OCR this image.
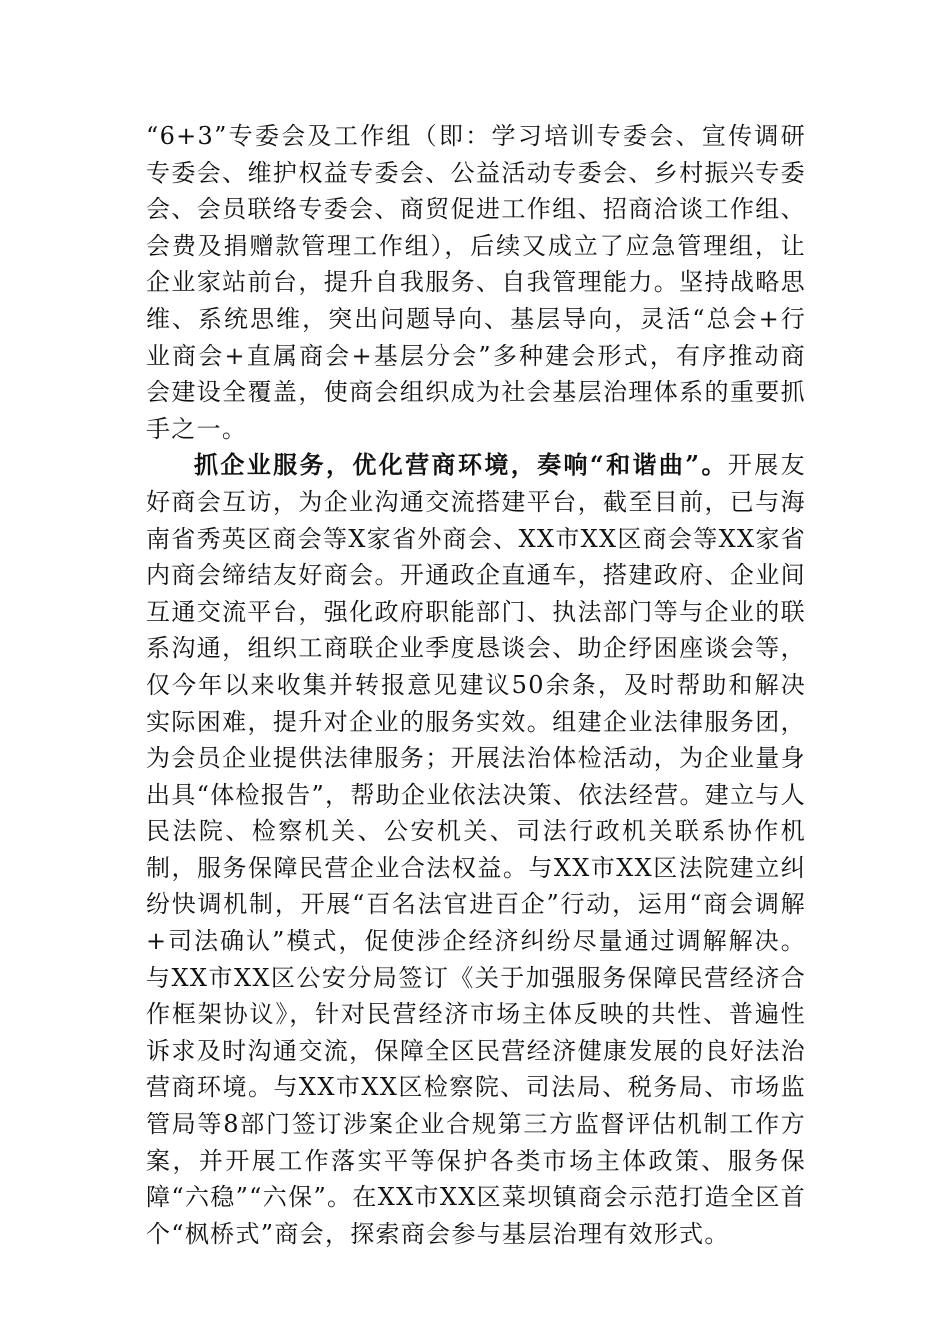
“6+3”专委会及工作组（即：学习培训专委会、宣传调研专委会、维护权益专委会、公益活动专委会、乡村振兴专委会、会员联络专委会、商贸促进工作组、招商洽谈工作组、会费及捐赠款管理工作组），后续又成立了应急管理组，让企业家站前台，提升自我服务、自我管理能力。坚持战略思维、系统思维，突出问题导向、基层导向，灵活“总会+行业商会+直属商会+基层分会”多种建会形式，有序推动商会建设全覆盖，使商会组织成为社会基层治理体系的重要抓手之一。

抓企业服务，优化营商环境，奏响“和谐曲”。开展友好商会互访，为企业沟通交流搭建平台，截至目前，已与海南省秀英区商会等X家省外商会、XX市XX区商会等XX家省内商会缔结友好商会。开通政企直通车，搭建政府、企业间互通交流平台，强化政府职能部门、执法部门等与企业的联系沟通，组织工商联企业季度恳谈会、助企纾困座谈会等，仅今年以来收集并转报意见建议50余条，及时帮助和解决实际困难，提升对企业的服务实效。组建企业法律服务团，为会员企业提供法律服务；开展法治体检活动，为企业量身出具“体检报告”，帮助企业依法决策、依法经营。建立与人民法院、检察机关、公安机关、司法行政机关联系协作机制，服务保障民营企业合法权益。与XX市XX区法院建立纠纷快调机制，开展“百名法官进百企”行动，运用“商会调解+司法确认”模式，促使涉企经济纠纷尽量通过调解解决。与XX市XX区公安分局签订《关于加强服务保障民营经济合作框架协议》，针对民营经济市场主体反映的共性、普遍性诉求及时沟通交流，保障全区民营经济健康发展的良好法治营商环境。与XX市XX区检察院、司法局、税务局、市场监管局等8部门签订涉案企业合规第三方监督评估机制工作方案，并开展工作落实平等保护各类市场主体政策、服务保障“六稳”“六保”。在XX市XX区菜坝镇商会示范打造全区首个“枫桥式”商会，探索商会参与基层治理有效形式。
